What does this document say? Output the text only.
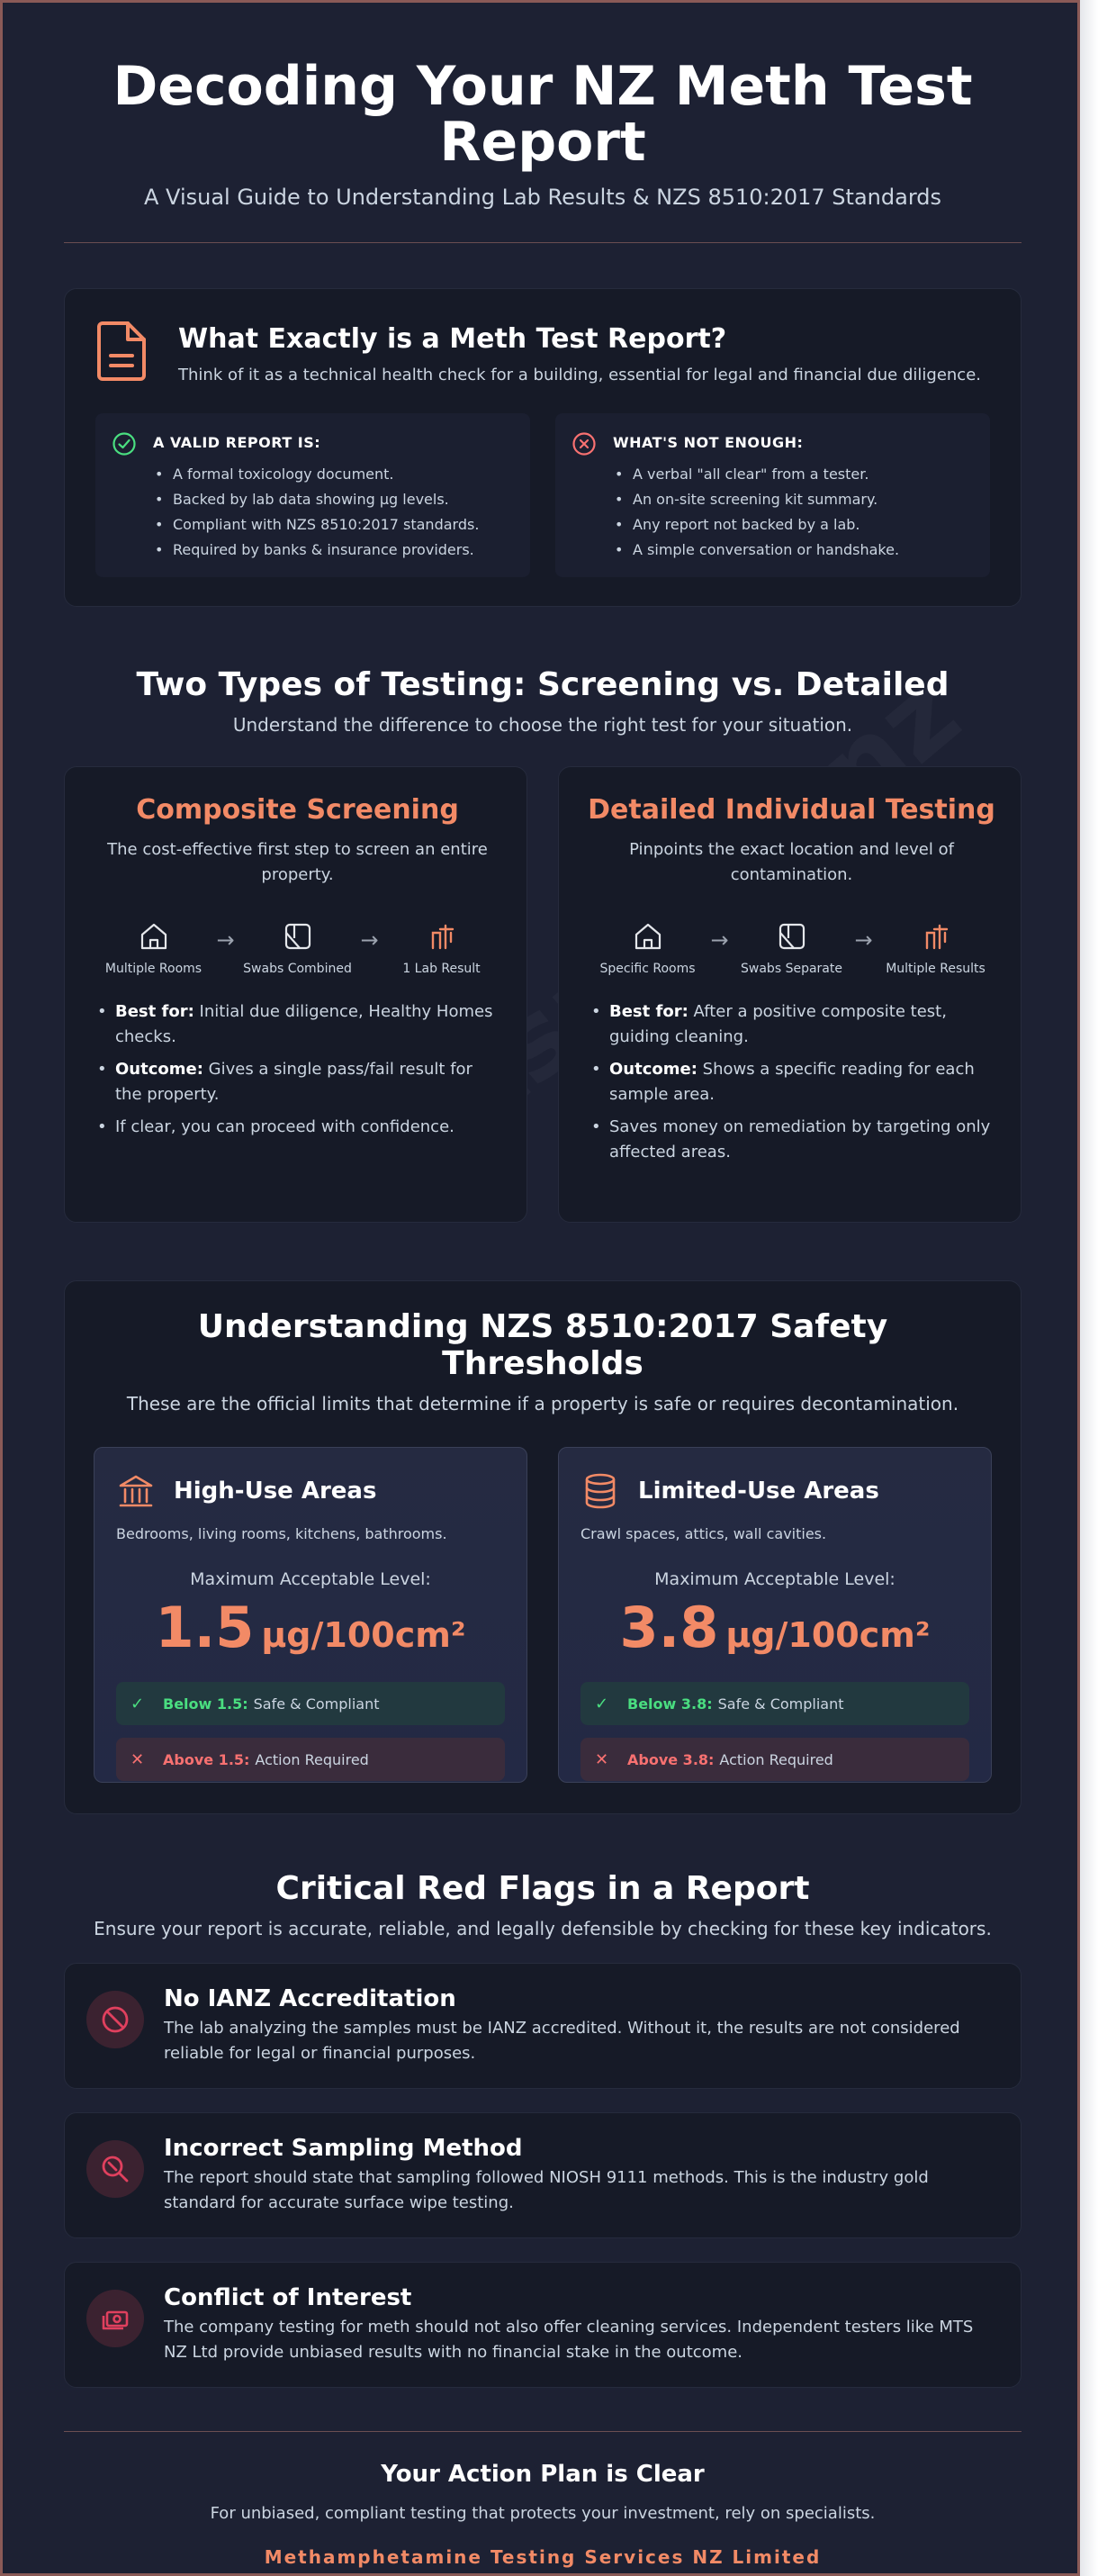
Decoding Your NZ Meth Test Report

A Visual Guide to Understanding Lab Results & NZS 8510:2017 Standards

What Exactly is a Meth Test Report?

Think of it as a technical health check for a building, essential for legal and financial due diligence.

A VALID REPORT IS:
• A formal toxicology document.
• Backed by lab data showing µg levels.
• Compliant with NZS 8510:2017 standards.
• Required by banks & insurance providers.
WHAT'S NOT ENOUGH:
• A verbal "all clear" from a tester.
• An on-site screening kit summary.
• Any report not backed by a lab.
• A simple conversation or handshake.
Two Types of Testing: Screening vs. Detailed

Understand the difference to choose the right test for your situation.

Composite Screening

The cost-effective first step to screen an entire property.

Multiple Rooms
→
Swabs Combined
→
1 Lab Result
• Best for: Initial due diligence, Healthy Homes checks.
• Outcome: Gives a single pass/fail result for the property.
• If clear, you can proceed with confidence.
Detailed Individual Testing

Pinpoints the exact location and level of contamination.

Specific Rooms
→
Swabs Separate
→
Multiple Results
• Best for: After a positive composite test, guiding cleaning.
• Outcome: Shows a specific reading for each sample area.
• Saves money on remediation by targeting only affected areas.
Understanding NZS 8510:2017 Safety Thresholds

These are the official limits that determine if a property is safe or requires decontamination.

High-Use Areas

Bedrooms, living rooms, kitchens, bathrooms.

Maximum Acceptable Level:

1.5 µg/100cm²
✓	Below 1.5: Safe & Compliant
✕	Above 1.5: Action Required
Limited-Use Areas

Crawl spaces, attics, wall cavities.

Maximum Acceptable Level:

3.8 µg/100cm²
✓	Below 3.8: Safe & Compliant
✕	Above 3.8: Action Required
Critical Red Flags in a Report

Ensure your report is accurate, reliable, and legally defensible by checking for these key indicators.

No IANZ Accreditation

The lab analyzing the samples must be IANZ accredited. Without it, the results are not considered reliable for legal or financial purposes.

Incorrect Sampling Method

The report should state that sampling followed NIOSH 9111 methods. This is the industry gold standard for accurate surface wipe testing.

Conflict of Interest

The company testing for meth should not also offer cleaning services. Independent testers like MTS NZ Ltd provide unbiased results with no financial stake in the outcome.

Your Action Plan is Clear

For unbiased, compliant testing that protects your investment, rely on specialists.

Methamphetamine Testing Services NZ Limited
